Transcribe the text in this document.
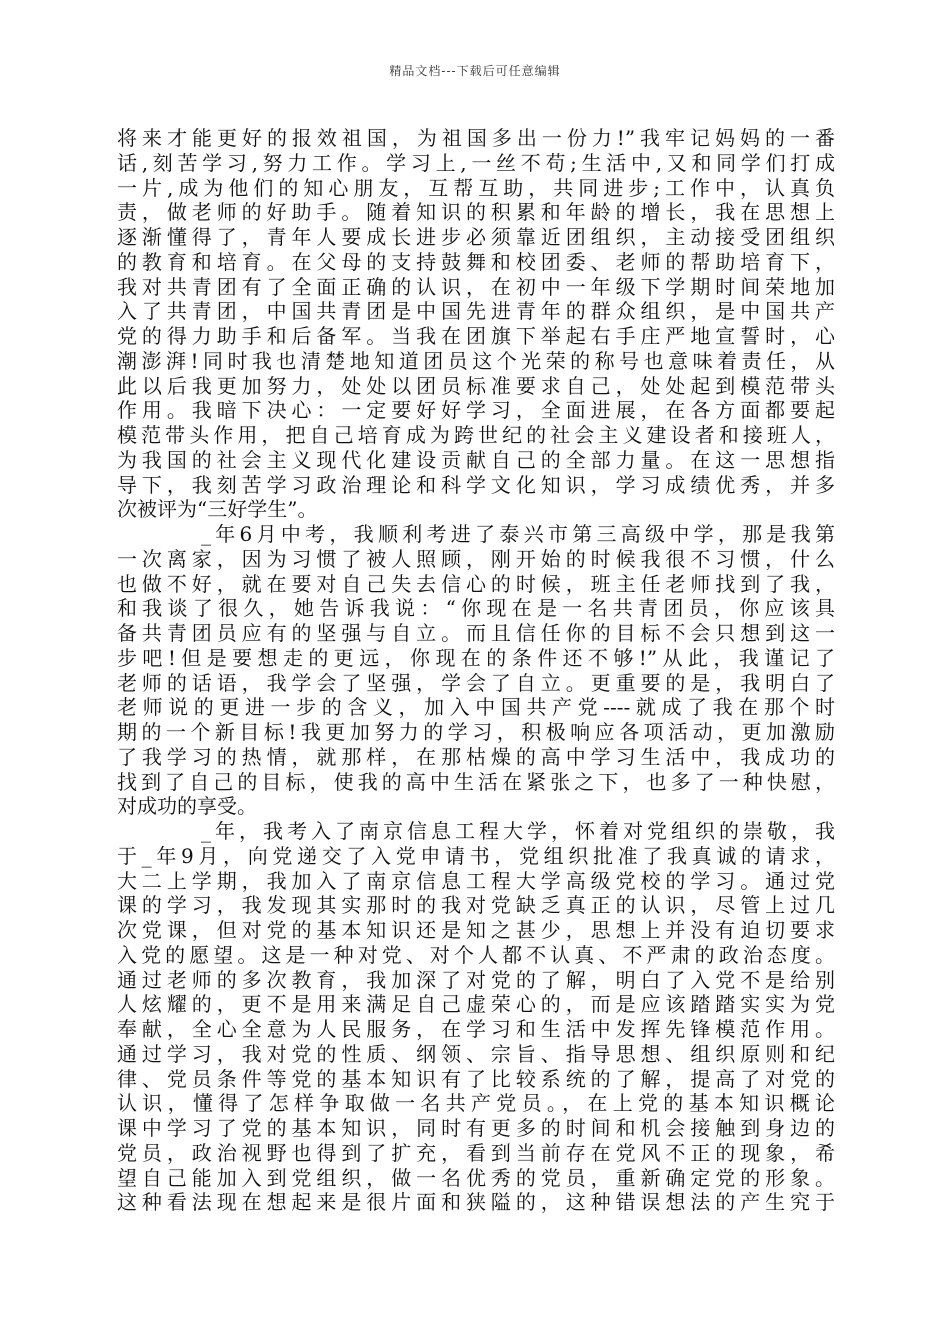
精品文档---下载后可任意编辑
将来才能更好的报效祖国，为祖国多出一份力!”我牢记妈妈的一番
话,刻苦学习,努力工作。学习上,一丝不苟;生活中,又和同学们打成
一片,成为他们的知心朋友，互帮互助，共同进步;工作中，认真负
责，做老师的好助手。随着知识的积累和年龄的增长，我在思想上
逐渐懂得了，青年人要成长进步必须靠近团组织，主动接受团组织
的教育和培育。在父母的支持鼓舞和校团委、老师的帮助培育下，
我对共青团有了全面正确的认识，在初中一年级下学期时间荣地加
入了共青团，中国共青团是中国先进青年的群众组织，是中国共产
党的得力助手和后备军。当我在团旗下举起右手庄严地宣誓时，心
潮澎湃!同时我也清楚地知道团员这个光荣的称号也意味着责任，从
此以后我更加努力，处处以团员标准要求自己，处处起到模范带头
作用。我暗下决心：一定要好好学习，全面进展，在各方面都要起
模范带头作用，把自己培育成为跨世纪的社会主义建设者和接班人，
为我国的社会主义现代化建设贡献自己的全部力量。在这一思想指
导下，我刻苦学习政治理论和科学文化知识，学习成绩优秀，并多
次被评为“三好学生”。
_年6月中考，我顺利考进了泰兴市第三高级中学，那是我第
一次离家，因为习惯了被人照顾，刚开始的时候我很不习惯，什么
也做不好，就在要对自己失去信心的时候，班主任老师找到了我，
和我谈了很久，她告诉我说：“你现在是一名共青团员，你应该具
备共青团员应有的坚强与自立。而且信任你的目标不会只想到这一
步吧!但是要想走的更远，你现在的条件还不够!”从此，我谨记了
老师的话语，我学会了坚强，学会了自立。更重要的是，我明白了
老师说的更进一步的含义，加入中国共产党----就成了我在那个时
期的一个新目标!我更加努力的学习，积极响应各项活动，更加激励
了我学习的热情，就那样，在那枯燥的高中学习生活中，我成功的
找到了自己的目标，使我的高中生活在紧张之下，也多了一种快慰，
对成功的享受。
_年，我考入了南京信息工程大学，怀着对党组织的崇敬，我
于_年9月，向党递交了入党申请书，党组织批准了我真诚的请求，
大二上学期，我加入了南京信息工程大学高级党校的学习。通过党
课的学习，我发现其实那时的我对党缺乏真正的认识，尽管上过几
次党课，但对党的基本知识还是知之甚少，思想上并没有迫切要求
入党的愿望。这是一种对党、对个人都不认真、不严肃的政治态度。
通过老师的多次教育，我加深了对党的了解，明白了入党不是给别
人炫耀的，更不是用来满足自己虚荣心的，而是应该踏踏实实为党
奉献，全心全意为人民服务，在学习和生活中发挥先锋模范作用。
通过学习，我对党的性质、纲领、宗旨、指导思想、组织原则和纪
律、党员条件等党的基本知识有了比较系统的了解，提高了对党的
认识，懂得了怎样争取做一名共产党员。，在上党的基本知识概论
课中学习了党的基本知识，同时有更多的时间和机会接触到身边的
党员，政治视野也得到了扩充，看到当前存在党风不正的现象，希
望自己能加入到党组织，做一名优秀的党员，重新确定党的形象。
这种看法现在想起来是很片面和狭隘的，这种错误想法的产生究于
